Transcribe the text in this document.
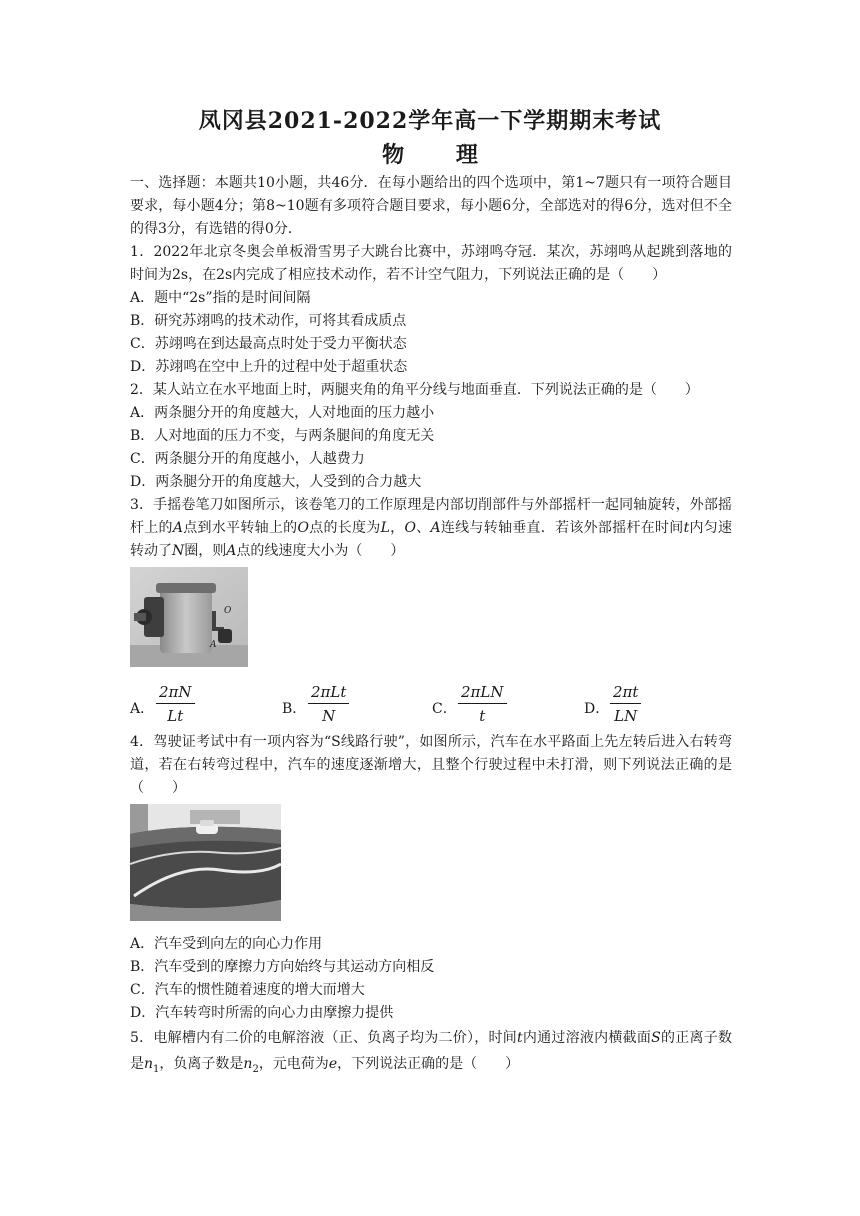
凤冈县2021-2022学年高一下学期期末考试
物 理

一、选择题：本题共10小题，共46分．在每小题给出的四个选项中，第1~7题只有一项符合题目要求，每小题4分；第8~10题有多项符合题目要求，每小题6分，全部选对的得6分，选对但不全的得3分，有选错的得0分．

1．2022年北京冬奥会单板滑雪男子大跳台比赛中，苏翊鸣夺冠．某次，苏翊鸣从起跳到落地的时间为2s，在2s内完成了相应技术动作，若不计空气阻力，下列说法正确的是（　　）

A．题中“2s”指的是时间间隔

B．研究苏翊鸣的技术动作，可将其看成质点

C．苏翊鸣在到达最高点时处于受力平衡状态

D．苏翊鸣在空中上升的过程中处于超重状态

2．某人站立在水平地面上时，两腿夹角的角平分线与地面垂直．下列说法正确的是（　　）

A．两条腿分开的角度越大，人对地面的压力越小

B．人对地面的压力不变，与两条腿间的角度无关

C．两条腿分开的角度越小，人越费力

D．两条腿分开的角度越大，人受到的合力越大

3．手摇卷笔刀如图所示，该卷笔刀的工作原理是内部切削部件与外部摇杆一起同轴旋转，外部摇杆上的A点到水平转轴上的O点的长度为L，O、A连线与转轴垂直．若该外部摇杆在时间t内匀速转动了N圈，则A点的线速度大小为（　　）

O
A
A． $\frac{2\pi N}{Lt}$	B．
2πLt
N	C．
2πLN
t	D． $\frac{2\pi t}{LN}$

4．驾驶证考试中有一项内容为“S线路行驶”，如图所示，汽车在水平路面上先左转后进入右转弯道，若在右转弯过程中，汽车的速度逐渐增大，且整个行驶过程中未打滑，则下列说法正确的是（　　）

A．汽车受到向左的向心力作用

B．汽车受到的摩擦力方向始终与其运动方向相反

C．汽车的惯性随着速度的增大而增大

D．汽车转弯时所需的向心力由摩擦力提供

5．电解槽内有二价的电解溶液（正、负离子均为二价），时间t内通过溶液内横截面S的正离子数是$n_1$，负离子数是$n_2$，元电荷为e，下列说法正确的是（　　）
